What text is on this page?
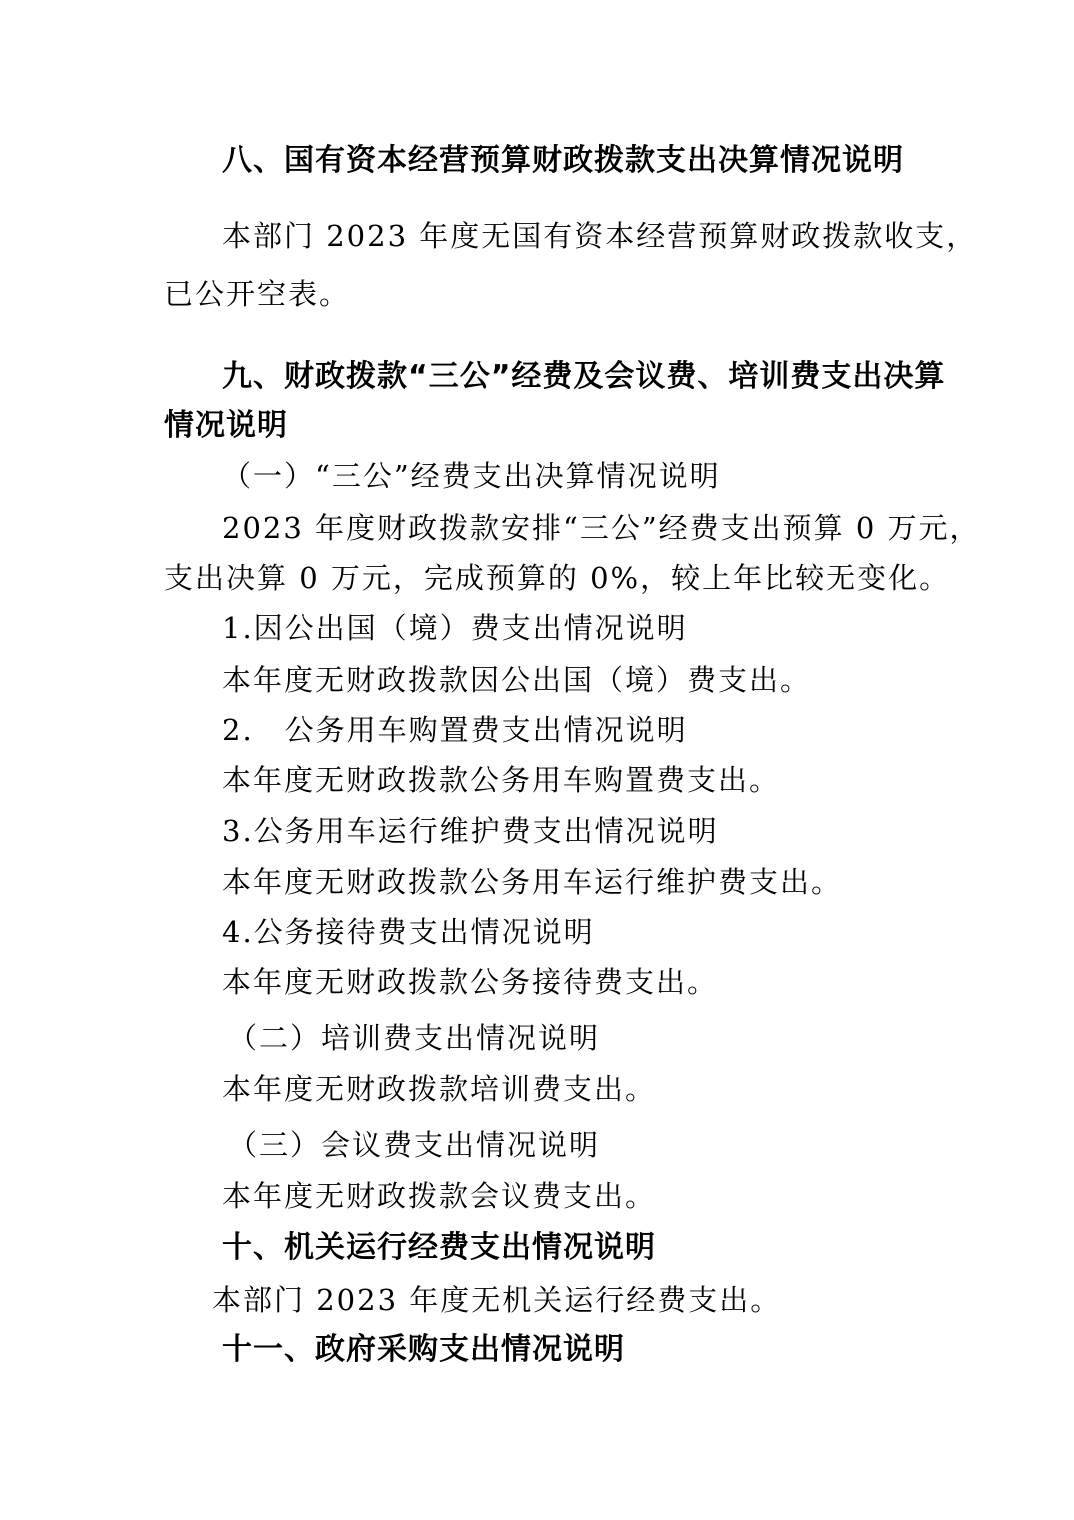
八、国有资本经营预算财政拨款支出决算情况说明
本部门 2023 年度无国有资本经营预算财政拨款收支，
已公开空表。
九、财政拨款“三公”经费及会议费、培训费支出决算
情况说明
（一）“三公”经费支出决算情况说明
2023 年度财政拨款安排“三公”经费支出预算 0 万元，
支出决算 0 万元，完成预算的 0%，较上年比较无变化。
1.因公出国（境）费支出情况说明
本年度无财政拨款因公出国（境）费支出。
2.　公务用车购置费支出情况说明
本年度无财政拨款公务用车购置费支出。
3.公务用车运行维护费支出情况说明
本年度无财政拨款公务用车运行维护费支出。
4.公务接待费支出情况说明
本年度无财政拨款公务接待费支出。
（二）培训费支出情况说明
本年度无财政拨款培训费支出。
（三）会议费支出情况说明
本年度无财政拨款会议费支出。
十、机关运行经费支出情况说明
本部门 2023 年度无机关运行经费支出。
十一、政府采购支出情况说明
